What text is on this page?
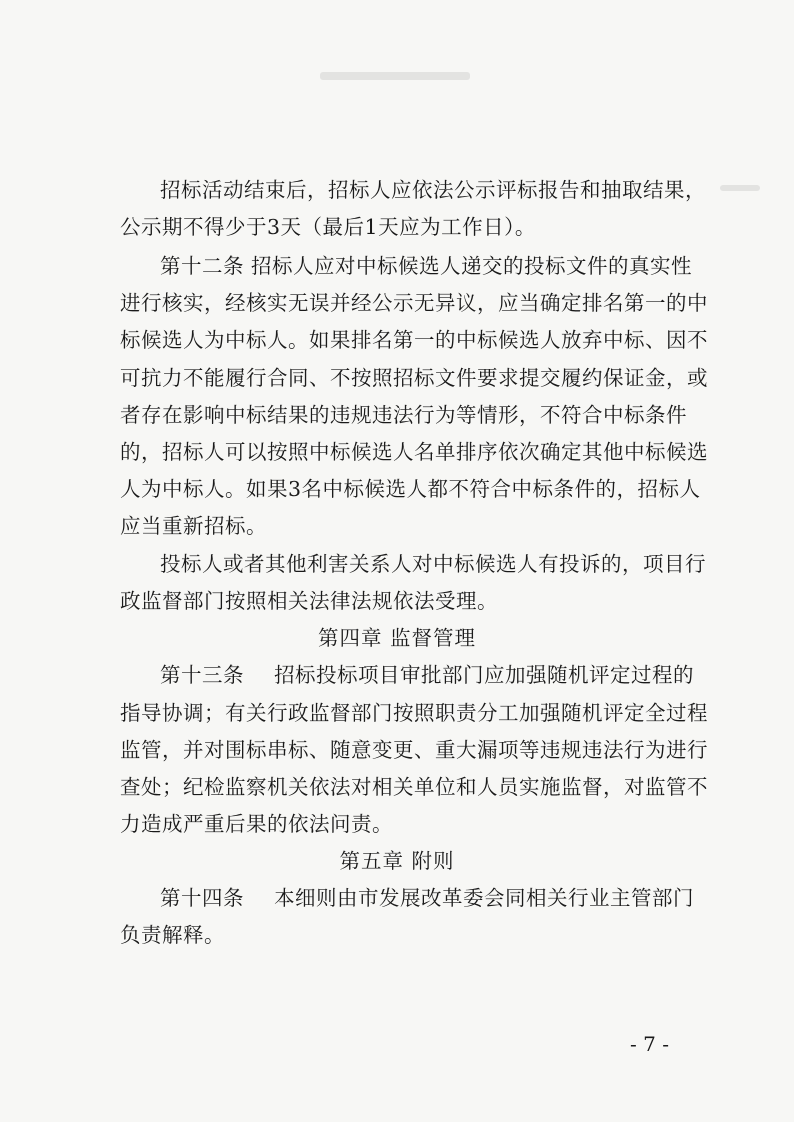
招标活动结束后，招标人应依法公示评标报告和抽取结果，
公示期不得少于3天（最后1天应为工作日）。
第十二条 招标人应对中标候选人递交的投标文件的真实性
进行核实，经核实无误并经公示无异议，应当确定排名第一的中
标候选人为中标人。如果排名第一的中标候选人放弃中标、因不
可抗力不能履行合同、不按照招标文件要求提交履约保证金，或
者存在影响中标结果的违规违法行为等情形，不符合中标条件
的，招标人可以按照中标候选人名单排序依次确定其他中标候选
人为中标人。如果3名中标候选人都不符合中标条件的，招标人
应当重新招标。
投标人或者其他利害关系人对中标候选人有投诉的，项目行
政监督部门按照相关法律法规依法受理。
第四章 监督管理
第十三条 招标投标项目审批部门应加强随机评定过程的
指导协调；有关行政监督部门按照职责分工加强随机评定全过程
监管，并对围标串标、随意变更、重大漏项等违规违法行为进行
查处；纪检监察机关依法对相关单位和人员实施监督，对监管不
力造成严重后果的依法问责。
第五章 附则
第十四条 本细则由市发展改革委会同相关行业主管部门
负责解释。
- 7 -
